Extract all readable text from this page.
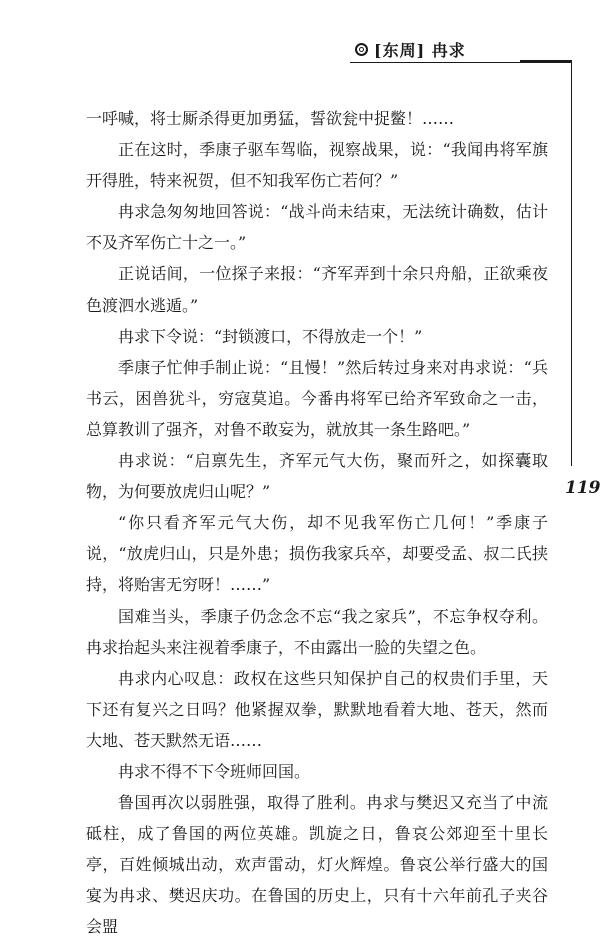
[东周] 冉求
119

一呼喊，将士厮杀得更加勇猛，誓欲瓮中捉鳖！……

正在这时，季康子驱车驾临，视察战果，说：“我闻冉将军旗开得胜，特来祝贺，但不知我军伤亡若何？”

冉求急匆匆地回答说：“战斗尚未结束，无法统计确数，估计不及齐军伤亡十之一。”

正说话间，一位探子来报：“齐军弄到十余只舟船，正欲乘夜色渡泗水逃遁。”

冉求下令说：“封锁渡口，不得放走一个！”

季康子忙伸手制止说：“且慢！”然后转过身来对冉求说：“兵书云，困兽犹斗，穷寇莫追。今番冉将军已给齐军致命之一击，总算教训了强齐，对鲁不敢妄为，就放其一条生路吧。”

冉求说：“启禀先生，齐军元气大伤，聚而歼之，如探囊取物，为何要放虎归山呢？”

“你只看齐军元气大伤，却不见我军伤亡几何！”季康子说，“放虎归山，只是外患；损伤我家兵卒，却要受孟、叔二氏挟持，将贻害无穷呀！……”

国难当头，季康子仍念念不忘“我之家兵”，不忘争权夺利。冉求抬起头来注视着季康子，不由露出一脸的失望之色。

冉求内心叹息：政权在这些只知保护自己的权贵们手里，天下还有复兴之日吗？他紧握双拳，默默地看着大地、苍天，然而大地、苍天默然无语……

冉求不得不下令班师回国。

鲁国再次以弱胜强，取得了胜利。冉求与樊迟又充当了中流砥柱，成了鲁国的两位英雄。凯旋之日，鲁哀公郊迎至十里长亭，百姓倾城出动，欢声雷动，灯火辉煌。鲁哀公举行盛大的国宴为冉求、樊迟庆功。在鲁国的历史上，只有十六年前孔子夹谷会盟
